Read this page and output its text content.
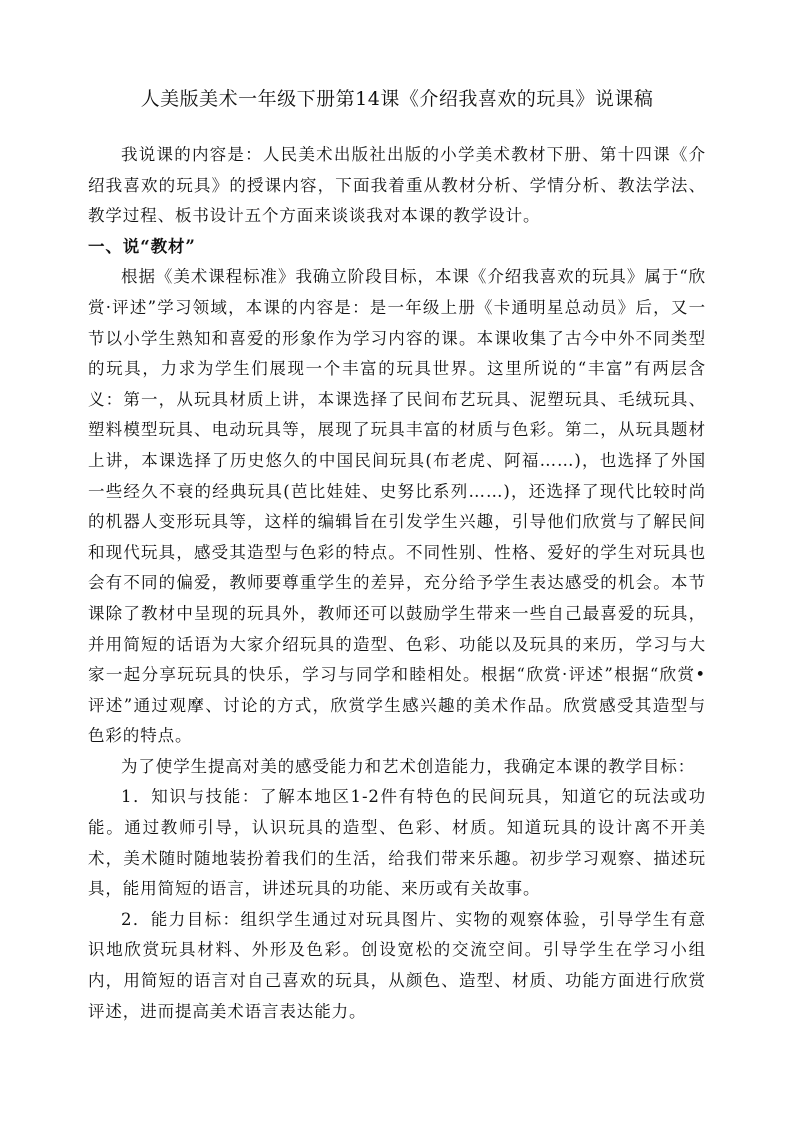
人美版美术一年级下册第14课《介绍我喜欢的玩具》说课稿

我说课的内容是：人民美术出版社出版的小学美术教材下册、第十四课《介绍我喜欢的玩具》的授课内容，下面我着重从教材分析、学情分析、教法学法、教学过程、板书设计五个方面来谈谈我对本课的教学设计。

一、说“教材”

根据《美术课程标准》我确立阶段目标，本课《介绍我喜欢的玩具》属于“欣赏·评述”学习领域，本课的内容是：是一年级上册《卡通明星总动员》后，又一节以小学生熟知和喜爱的形象作为学习内容的课。本课收集了古今中外不同类型的玩具，力求为学生们展现一个丰富的玩具世界。这里所说的“丰富”有两层含义：第一，从玩具材质上讲，本课选择了民间布艺玩具、泥塑玩具、毛绒玩具、塑料模型玩具、电动玩具等，展现了玩具丰富的材质与色彩。第二，从玩具题材上讲，本课选择了历史悠久的中国民间玩具(布老虎、阿福……)，也选择了外国一些经久不衰的经典玩具(芭比娃娃、史努比系列……)，还选择了现代比较时尚的机器人变形玩具等，这样的编辑旨在引发学生兴趣，引导他们欣赏与了解民间和现代玩具，感受其造型与色彩的特点。不同性别、性格、爱好的学生对玩具也会有不同的偏爱，教师要尊重学生的差异，充分给予学生表达感受的机会。本节课除了教材中呈现的玩具外，教师还可以鼓励学生带来一些自己最喜爱的玩具，并用简短的话语为大家介绍玩具的造型、色彩、功能以及玩具的来历，学习与大家一起分享玩玩具的快乐，学习与同学和睦相处。根据“欣赏·评述”根据“欣赏•评述”通过观摩、讨论的方式，欣赏学生感兴趣的美术作品。欣赏感受其造型与色彩的特点。

为了使学生提高对美的感受能力和艺术创造能力，我确定本课的教学目标：

1．知识与技能：了解本地区1-2件有特色的民间玩具，知道它的玩法或功能。通过教师引导，认识玩具的造型、色彩、材质。知道玩具的设计离不开美术，美术随时随地装扮着我们的生活，给我们带来乐趣。初步学习观察、描述玩具，能用简短的语言，讲述玩具的功能、来历或有关故事。

2．能力目标：组织学生通过对玩具图片、实物的观察体验，引导学生有意识地欣赏玩具材料、外形及色彩。创设宽松的交流空间。引导学生在学习小组内，用简短的语言对自己喜欢的玩具，从颜色、造型、材质、功能方面进行欣赏评述，进而提高美术语言表达能力。
